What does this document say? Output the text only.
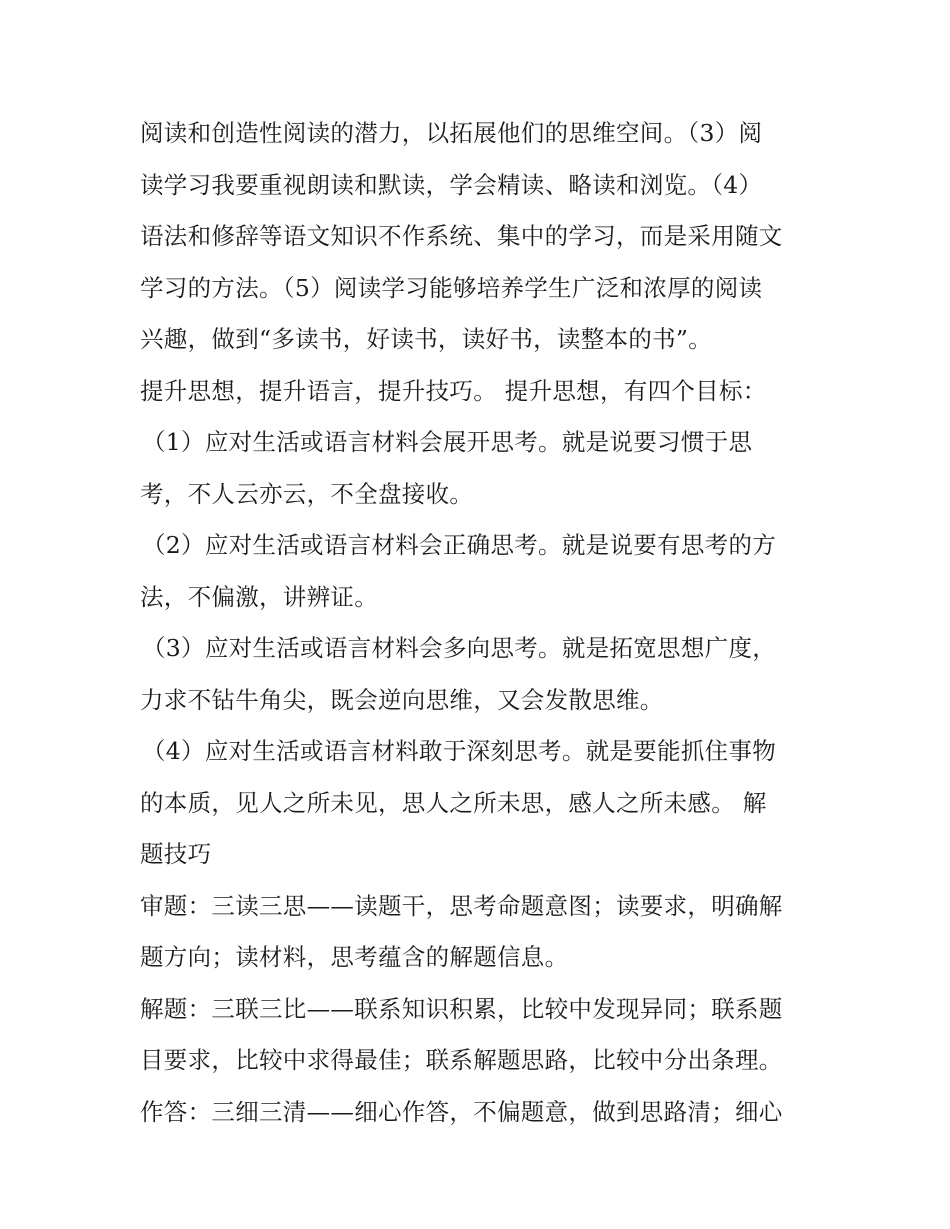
阅读和创造性阅读的潜力，以拓展他们的思维空间。（3）阅
读学习我要重视朗读和默读，学会精读、略读和浏览。（4）
语法和修辞等语文知识不作系统、集中的学习，而是采用随文
学习的方法。（5）阅读学习能够培养学生广泛和浓厚的阅读
兴趣，做到“多读书，好读书，读好书，读整本的书”。
提升思想，提升语言，提升技巧。 提升思想，有四个目标：
（1）应对生活或语言材料会展开思考。就是说要习惯于思
考，不人云亦云，不全盘接收。
（2）应对生活或语言材料会正确思考。就是说要有思考的方
法，不偏激，讲辨证。
（3）应对生活或语言材料会多向思考。就是拓宽思想广度，
力求不钻牛角尖，既会逆向思维，又会发散思维。
（4）应对生活或语言材料敢于深刻思考。就是要能抓住事物
的本质，见人之所未见，思人之所未思，感人之所未感。 解
题技巧
审题：三读三思——读题干，思考命题意图；读要求，明确解
题方向；读材料，思考蕴含的解题信息。
解题：三联三比——联系知识积累，比较中发现异同；联系题
目要求，比较中求得最佳；联系解题思路，比较中分出条理。
作答：三细三清——细心作答，不偏题意，做到思路清；细心
